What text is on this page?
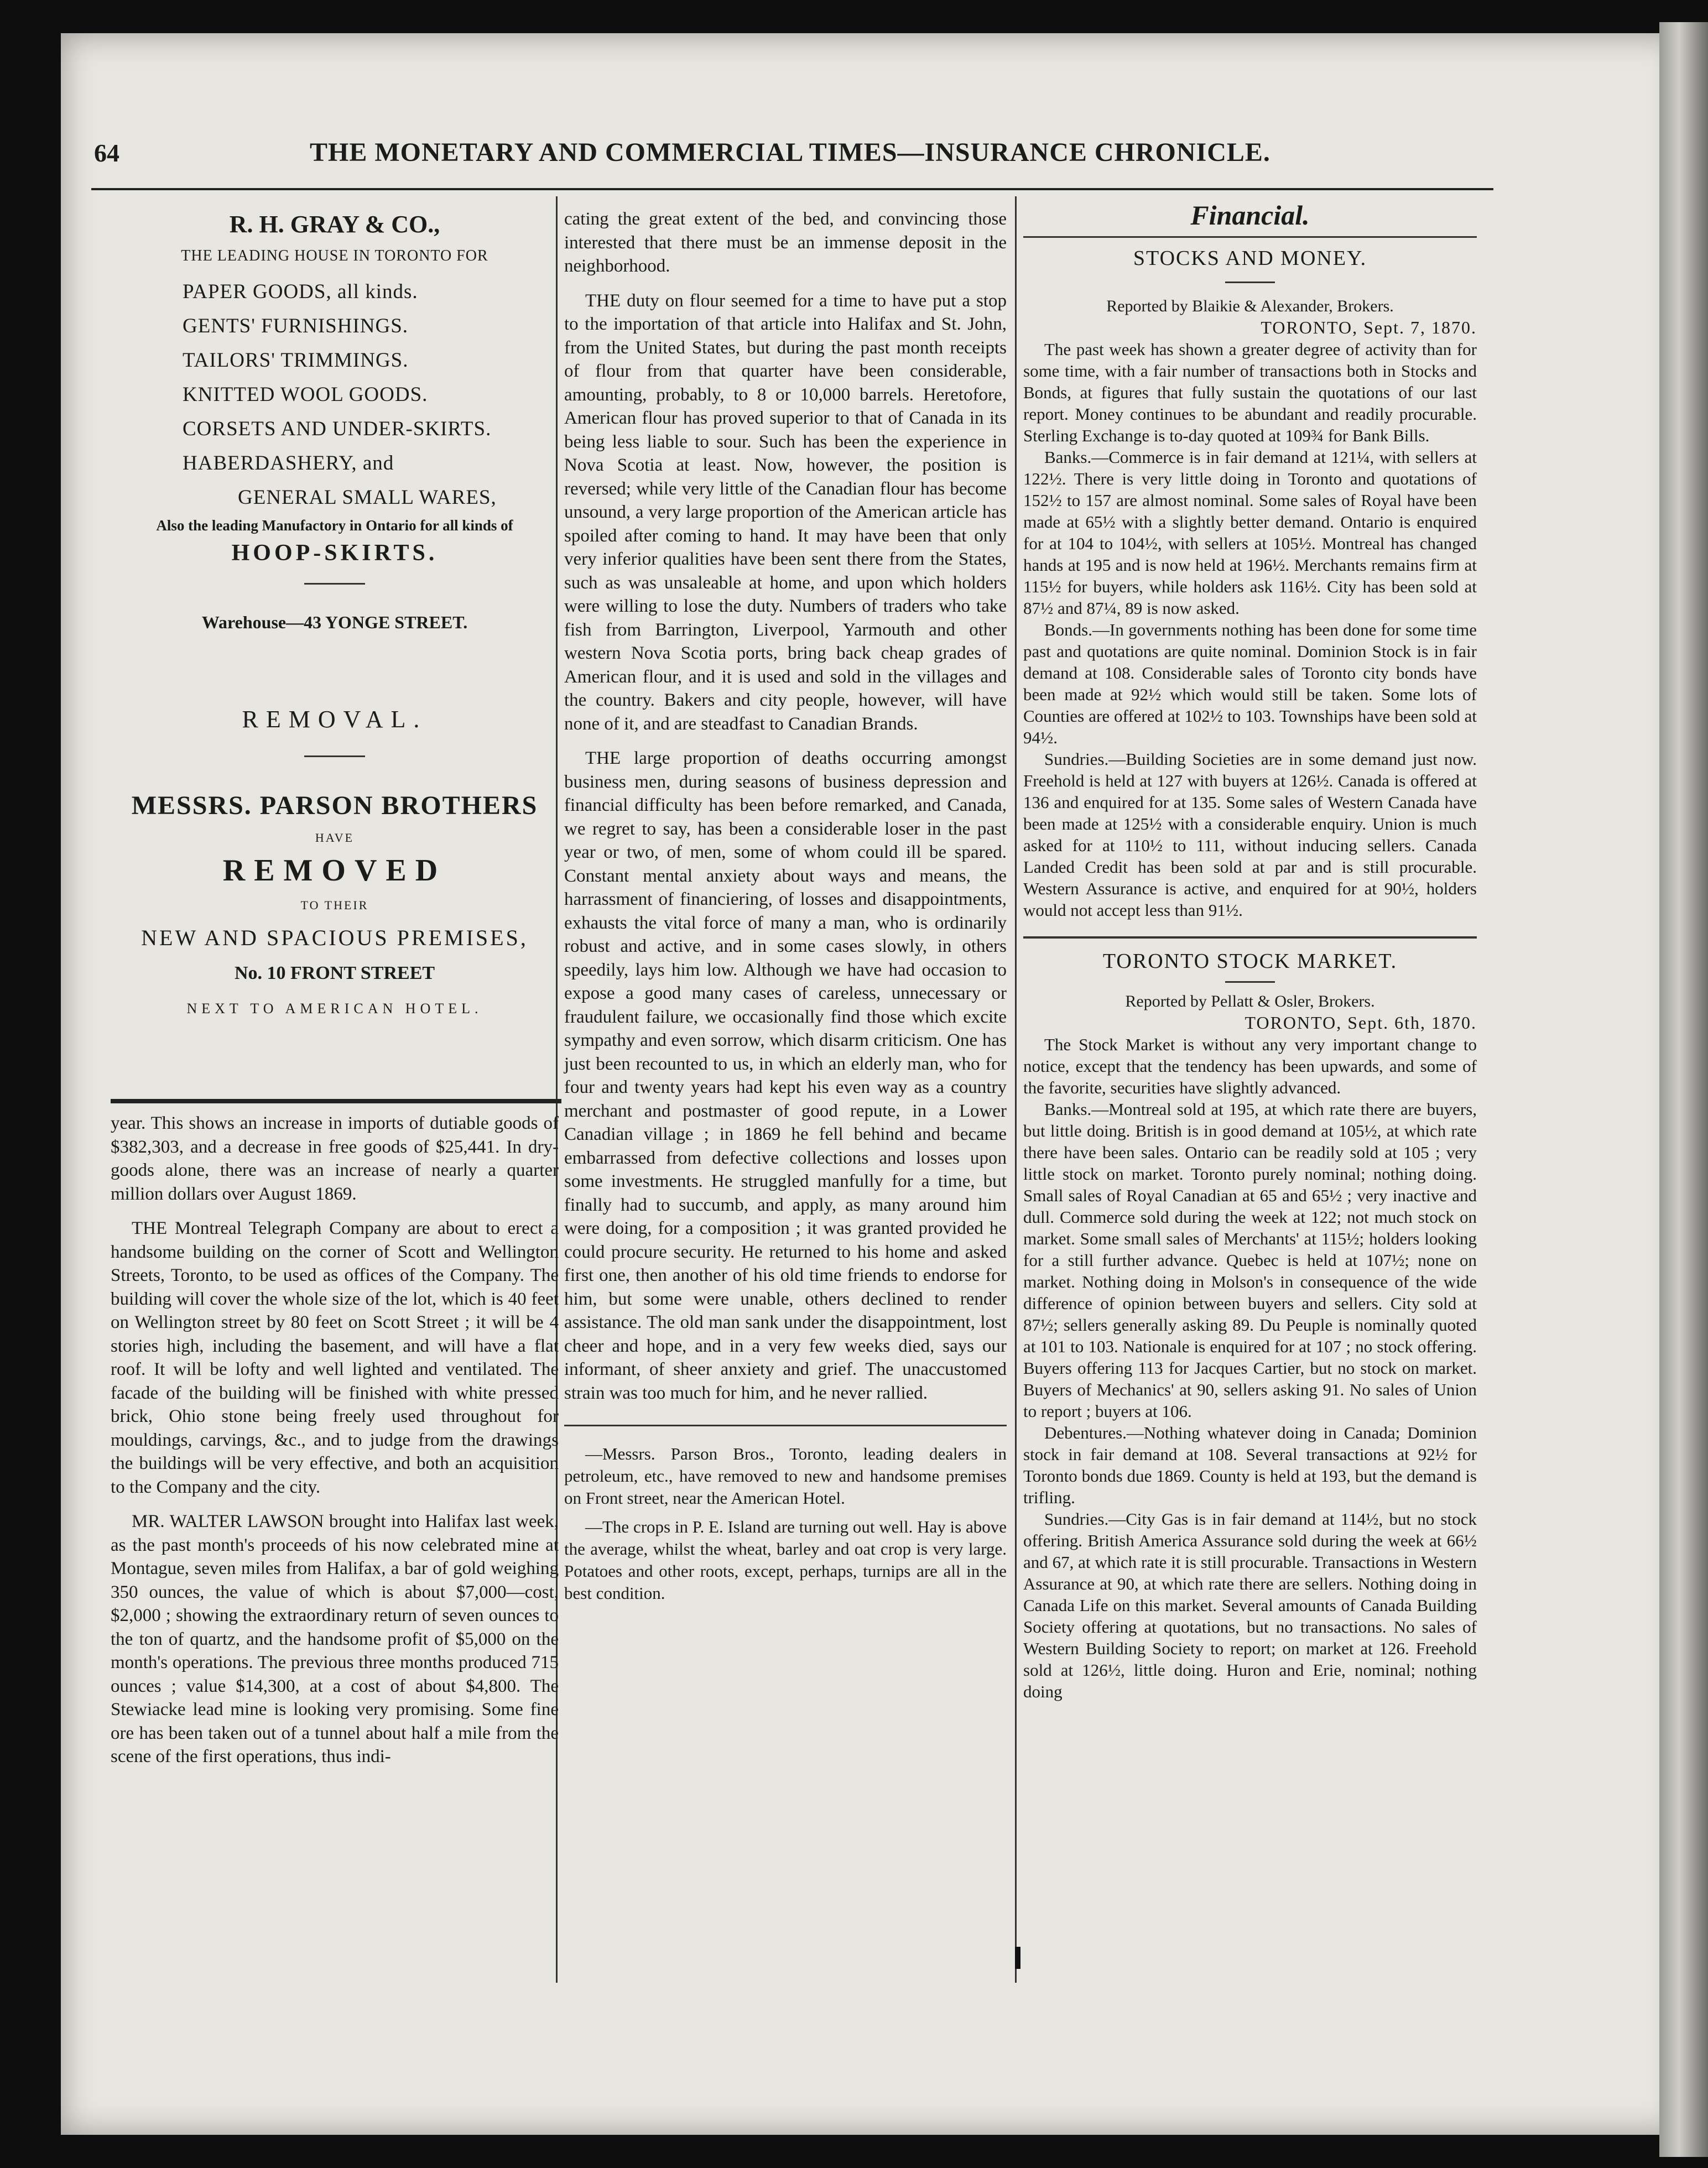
64	THE MONETARY AND COMMERCIAL TIMES—INSURANCE CHRONICLE.
R. H. GRAY & CO.,
THE LEADING HOUSE IN TORONTO FOR
PAPER GOODS, all kinds.
GENTS' FURNISHINGS.
TAILORS' TRIMMINGS.
KNITTED WOOL GOODS.
CORSETS AND UNDER-SKIRTS.
HABERDASHERY, and
GENERAL SMALL WARES,
Also the leading Manufactory in Ontario for all kinds of
HOOP-SKIRTS.
Warehouse—43 YONGE STREET.
REMOVAL.
MESSRS. PARSON BROTHERS
HAVE
REMOVED
TO THEIR
NEW AND SPACIOUS PREMISES,
No. 10 FRONT STREET
NEXT TO AMERICAN HOTEL.

year. This shows an increase in imports of dutiable goods of $382,303, and a decrease in free goods of $25,441. In dry-goods alone, there was an increase of nearly a quarter million dollars over August 1869.

THE Montreal Telegraph Company are about to erect a handsome building on the corner of Scott and Wellington Streets, Toronto, to be used as offices of the Company. The building will cover the whole size of the lot, which is 40 feet on Wellington street by 80 feet on Scott Street ; it will be 4 stories high, including the basement, and will have a flat roof. It will be lofty and well lighted and ventilated. The facade of the building will be finished with white pressed brick, Ohio stone being freely used throughout for mouldings, carvings, &c., and to judge from the drawings the buildings will be very effective, and both an acquisition to the Company and the city.

MR. WALTER LAWSON brought into Halifax last week, as the past month's proceeds of his now celebrated mine at Montague, seven miles from Halifax, a bar of gold weighing 350 ounces, the value of which is about $7,000—cost, $2,000 ; showing the extraordinary return of seven ounces to the ton of quartz, and the handsome profit of $5,000 on the month's operations. The previous three months produced 715 ounces ; value $14,300, at a cost of about $4,800. The Stewiacke lead mine is looking very promising. Some fine ore has been taken out of a tunnel about half a mile from the scene of the first operations, thus indi-

cating the great extent of the bed, and convincing those interested that there must be an immense deposit in the neighborhood.

THE duty on flour seemed for a time to have put a stop to the importation of that article into Halifax and St. John, from the United States, but during the past month receipts of flour from that quarter have been considerable, amounting, probably, to 8 or 10,000 barrels. Heretofore, American flour has proved superior to that of Canada in its being less liable to sour. Such has been the experience in Nova Scotia at least. Now, however, the position is reversed; while very little of the Canadian flour has become unsound, a very large proportion of the American article has spoiled after coming to hand. It may have been that only very inferior qualities have been sent there from the States, such as was unsaleable at home, and upon which holders were willing to lose the duty. Numbers of traders who take fish from Barrington, Liverpool, Yarmouth and other western Nova Scotia ports, bring back cheap grades of American flour, and it is used and sold in the villages and the country. Bakers and city people, however, will have none of it, and are steadfast to Canadian Brands.

THE large proportion of deaths occurring amongst business men, during seasons of business depression and financial difficulty has been before remarked, and Canada, we regret to say, has been a considerable loser in the past year or two, of men, some of whom could ill be spared. Constant mental anxiety about ways and means, the harrassment of financiering, of losses and disappointments, exhausts the vital force of many a man, who is ordinarily robust and active, and in some cases slowly, in others speedily, lays him low. Although we have had occasion to expose a good many cases of careless, unnecessary or fraudulent failure, we occasionally find those which excite sympathy and even sorrow, which disarm criticism. One has just been recounted to us, in which an elderly man, who for four and twenty years had kept his even way as a country merchant and postmaster of good repute, in a Lower Canadian village ; in 1869 he fell behind and became embarrassed from defective collections and losses upon some investments. He struggled manfully for a time, but finally had to succumb, and apply, as many around him were doing, for a composition ; it was granted provided he could procure security. He returned to his home and asked first one, then another of his old time friends to endorse for him, but some were unable, others declined to render assistance. The old man sank under the disappointment, lost cheer and hope, and in a very few weeks died, says our informant, of sheer anxiety and grief. The unaccustomed strain was too much for him, and he never rallied.

—Messrs. Parson Bros., Toronto, leading dealers in petroleum, etc., have removed to new and handsome premises on Front street, near the American Hotel.

—The crops in P. E. Island are turning out well. Hay is above the average, whilst the wheat, barley and oat crop is very large. Potatoes and other roots, except, perhaps, turnips are all in the best condition.

Financial.
STOCKS AND MONEY.
Reported by Blaikie & Alexander, Brokers.
TORONTO, Sept. 7, 1870.

The past week has shown a greater degree of activity than for some time, with a fair number of transactions both in Stocks and Bonds, at figures that fully sustain the quotations of our last report. Money continues to be abundant and readily procurable. Sterling Exchange is to-day quoted at 109¾ for Bank Bills.

Banks.—Commerce is in fair demand at 121¼, with sellers at 122½. There is very little doing in Toronto and quotations of 152½ to 157 are almost nominal. Some sales of Royal have been made at 65½ with a slightly better demand. Ontario is enquired for at 104 to 104½, with sellers at 105½. Montreal has changed hands at 195 and is now held at 196½. Merchants remains firm at 115½ for buyers, while holders ask 116½. City has been sold at 87½ and 87¼, 89 is now asked.

Bonds.—In governments nothing has been done for some time past and quotations are quite nominal. Dominion Stock is in fair demand at 108. Considerable sales of Toronto city bonds have been made at 92½ which would still be taken. Some lots of Counties are offered at 102½ to 103. Townships have been sold at 94½.

Sundries.—Building Societies are in some demand just now. Freehold is held at 127 with buyers at 126½. Canada is offered at 136 and enquired for at 135. Some sales of Western Canada have been made at 125½ with a considerable enquiry. Union is much asked for at 110½ to 111, without inducing sellers. Canada Landed Credit has been sold at par and is still procurable. Western Assurance is active, and enquired for at 90½, holders would not accept less than 91½.

TORONTO STOCK MARKET.
Reported by Pellatt & Osler, Brokers.
TORONTO, Sept. 6th, 1870.

The Stock Market is without any very important change to notice, except that the tendency has been upwards, and some of the favorite, securities have slightly advanced.

Banks.—Montreal sold at 195, at which rate there are buyers, but little doing. British is in good demand at 105½, at which rate there have been sales. Ontario can be readily sold at 105 ; very little stock on market. Toronto purely nominal; nothing doing. Small sales of Royal Canadian at 65 and 65½ ; very inactive and dull. Commerce sold during the week at 122; not much stock on market. Some small sales of Merchants' at 115½; holders looking for a still further advance. Quebec is held at 107½; none on market. Nothing doing in Molson's in consequence of the wide difference of opinion between buyers and sellers. City sold at 87½; sellers generally asking 89. Du Peuple is nominally quoted at 101 to 103. Nationale is enquired for at 107 ; no stock offering. Buyers offering 113 for Jacques Cartier, but no stock on market. Buyers of Mechanics' at 90, sellers asking 91. No sales of Union to report ; buyers at 106.

Debentures.—Nothing whatever doing in Canada; Dominion stock in fair demand at 108. Several transactions at 92½ for Toronto bonds due 1869. County is held at 193, but the demand is trifling.

Sundries.—City Gas is in fair demand at 114½, but no stock offering. British America Assurance sold during the week at 66½ and 67, at which rate it is still procurable. Transactions in Western Assurance at 90, at which rate there are sellers. Nothing doing in Canada Life on this market. Several amounts of Canada Building Society offering at quotations, but no transactions. No sales of Western Building Society to report; on market at 126. Freehold sold at 126½, little doing. Huron and Erie, nominal; nothing doing
